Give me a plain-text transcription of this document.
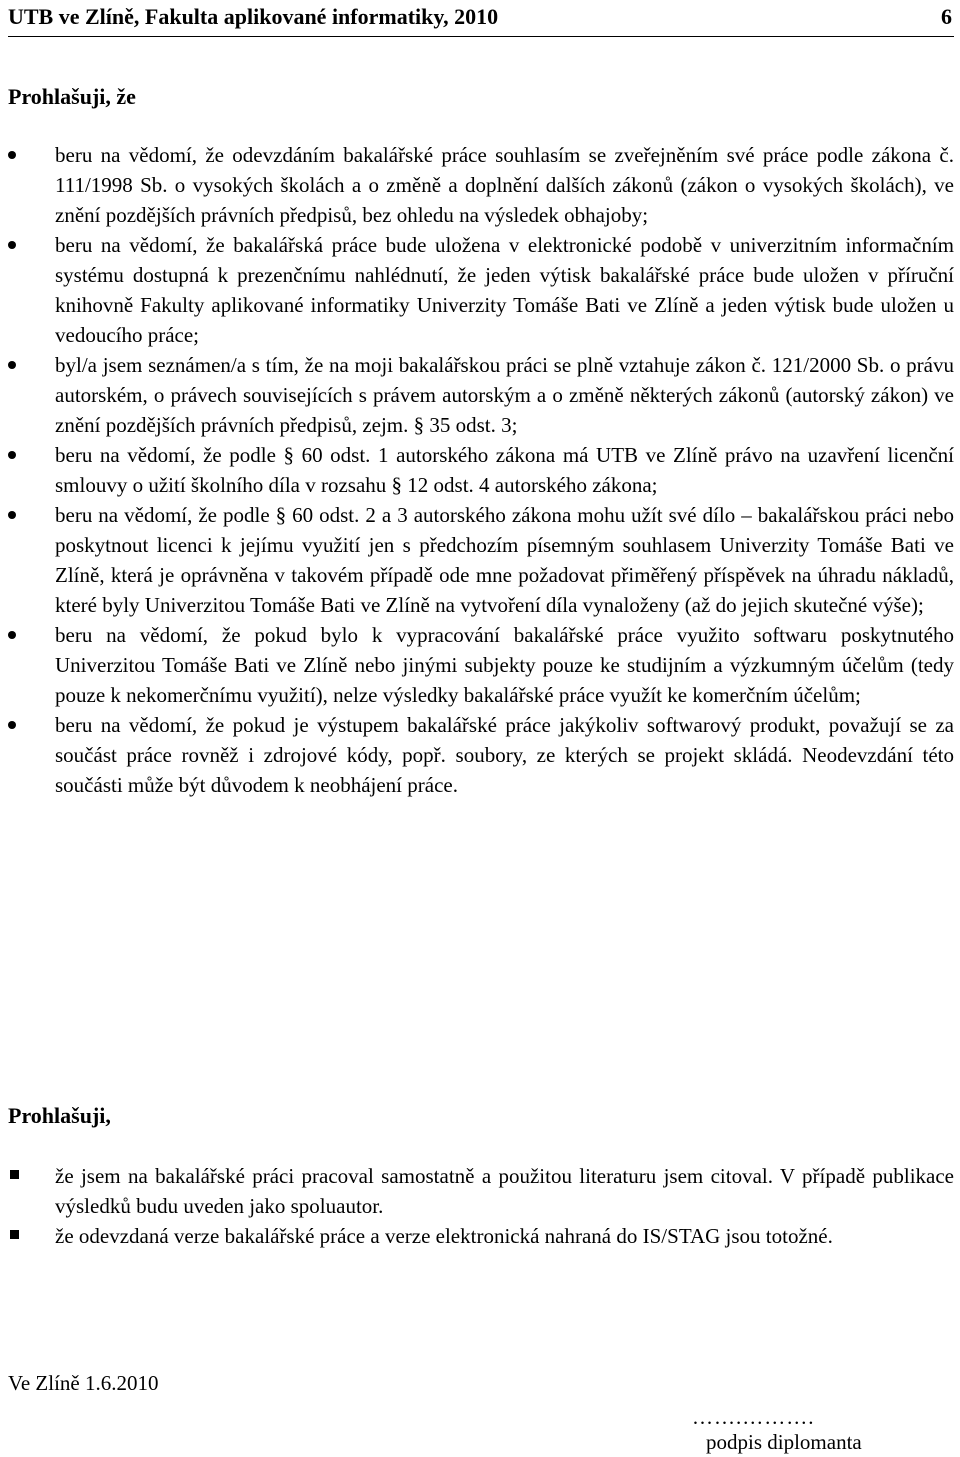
UTB ve Zlíně, Fakulta aplikované informatiky, 2010	6
Prohlašuji, že
beru na vědomí, že odevzdáním bakalářské práce souhlasím se zveřejněním své práce podle zákona č. 111/1998 Sb. o vysokých školách a o změně a doplnění dalších zákonů (zákon o vysokých školách), ve znění pozdějších právních předpisů, bez ohledu na výsledek obhajoby;
beru na vědomí, že bakalářská práce bude uložena v elektronické podobě v univerzitním informačním systému dostupná k prezenčnímu nahlédnutí, že jeden výtisk bakalářské práce bude uložen v příruční knihovně Fakulty aplikované informatiky Univerzity Tomáše Bati ve Zlíně a jeden výtisk bude uložen u vedoucího práce;
byl/a jsem seznámen/a s tím, že na moji bakalářskou práci se plně vztahuje zákon č. 121/2000 Sb. o právu autorském, o právech souvisejících s právem autorským a o změně některých zákonů (autorský zákon) ve znění pozdějších právních předpisů, zejm. § 35 odst. 3;
beru na vědomí, že podle § 60 odst. 1 autorského zákona má UTB ve Zlíně právo na uzavření licenční smlouvy o užití školního díla v rozsahu § 12 odst. 4 autorského zákona;
beru na vědomí, že podle § 60 odst. 2 a 3 autorského zákona mohu užít své dílo – bakalářskou práci nebo poskytnout licenci k jejímu využití jen s předchozím písemným souhlasem Univerzity Tomáše Bati ve Zlíně, která je oprávněna v takovém případě ode mne požadovat přiměřený příspěvek na úhradu nákladů, které byly Univerzitou Tomáše Bati ve Zlíně na vytvoření díla vynaloženy (až do jejich skutečné výše);
beru na vědomí, že pokud bylo k vypracování bakalářské práce využito softwaru poskytnutého Univerzitou Tomáše Bati ve Zlíně nebo jinými subjekty pouze ke studijním a výzkumným účelům (tedy pouze k nekomerčnímu využití), nelze výsledky bakalářské práce využít ke komerčním účelům;
beru na vědomí, že pokud je výstupem bakalářské práce jakýkoliv softwarový produkt, považují se za součást práce rovněž i zdrojové kódy, popř. soubory, ze kterých se projekt skládá. Neodevzdání této součásti může být důvodem k neobhájení práce.
Prohlašuji,
že jsem na bakalářské práci pracoval samostatně a použitou literaturu jsem citoval. V případě publikace výsledků budu uveden jako spoluautor.
že odevzdaná verze bakalářské práce a verze elektronická nahraná do IS/STAG jsou totožné.
Ve Zlíně 1.6.2010
…….……….
podpis diplomanta
